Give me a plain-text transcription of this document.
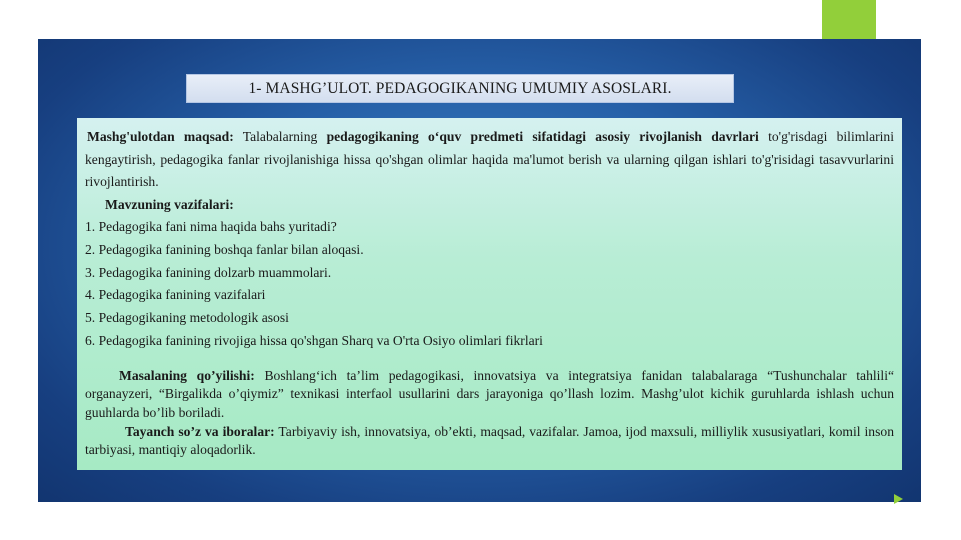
1- MASHG’ULOT. PEDAGOGIKANING UMUMIY ASOSLARI.

Mashg'ulotdan maqsad: Talabalarning pedagogikaning o‘quv predmeti sifatidagi asosiy rivojlanish davrlari to'g'risdagi bilimlarini kengaytirish, pedagogika fanlar rivojlanishiga hissa qo'shgan olimlar haqida ma'lumot berish va ularning qilgan ishlari to'g'risidagi tasavvurlarini rivojlantirish.

Mavzuning vazifalari:

1. Pedagogika fani nima haqida bahs yuritadi?
2. Pedagogika fanining boshqa fanlar bilan aloqasi.
3. Pedagogika fanining dolzarb muammolari.
4. Pedagogika fanining vazifalari
5. Pedagogikaning metodologik asosi
6. Pedagogika fanining rivojiga hissa qo'shgan Sharq va O'rta Osiyo olimlari fikrlari

Masalaning qo’yilishi: Boshlang‘ich ta’lim pedagogikasi, innovatsiya va integratsiya fanidan talabalaraga “Tushunchalar tahlili“ organayzeri, “Birgalikda o’qiymiz” texnikasi interfaol usullarini dars jarayoniga qo’llash lozim. Mashg’ulot kichik guruhlarda ishlash uchun guuhlarda bo’lib boriladi.

Tayanch so’z va iboralar: Tarbiyaviy ish, innovatsiya, ob’ekti, maqsad, vazifalar. Jamoa, ijod maxsuli, milliylik xususiyatlari, komil inson tarbiyasi, mantiqiy aloqadorlik.
